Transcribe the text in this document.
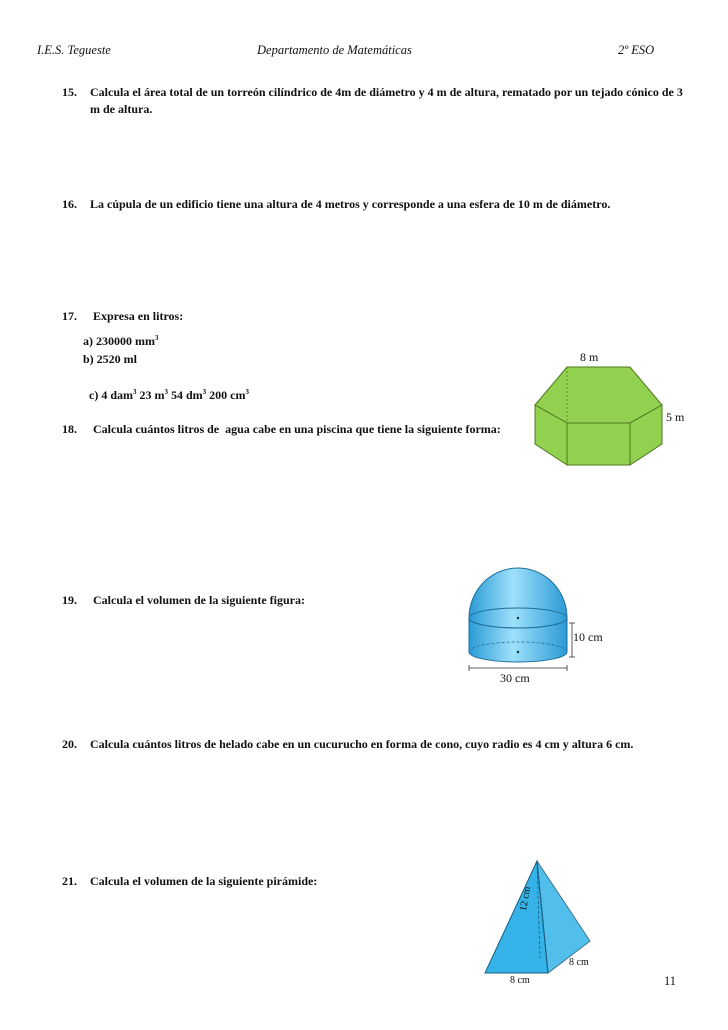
I.E.S. Tegueste	Departamento de Matemáticas	2º ESO
15. Calcula el área total de un torreón cilíndrico de 4m de diámetro y 4 m de altura, rematado por un tejado cónico de 3 m de altura.
16. La cúpula de un edificio tiene una altura de 4 metros y corresponde a una esfera de 10 m de diámetro.
17. Expresa en litros:
a) 230000 $mm^3$
b) 2520 ml

c) 4 dam$^3$ 23 $m^3$ 54 $dm^3$ 200 $cm^3$

18. Calcula cuántos litros de  agua cabe en una piscina que tiene la siguiente forma:
8 m
5 m
19. Calcula el volumen de la siguiente figura:
10 cm
30 cm
20. Calcula cuántos litros de helado cabe en un cucurucho en forma de cono, cuyo radio es 4 cm y altura 6 cm.
21. Calcula el volumen de la siguiente pirámide:
12 cm
8 cm
8 cm	11
